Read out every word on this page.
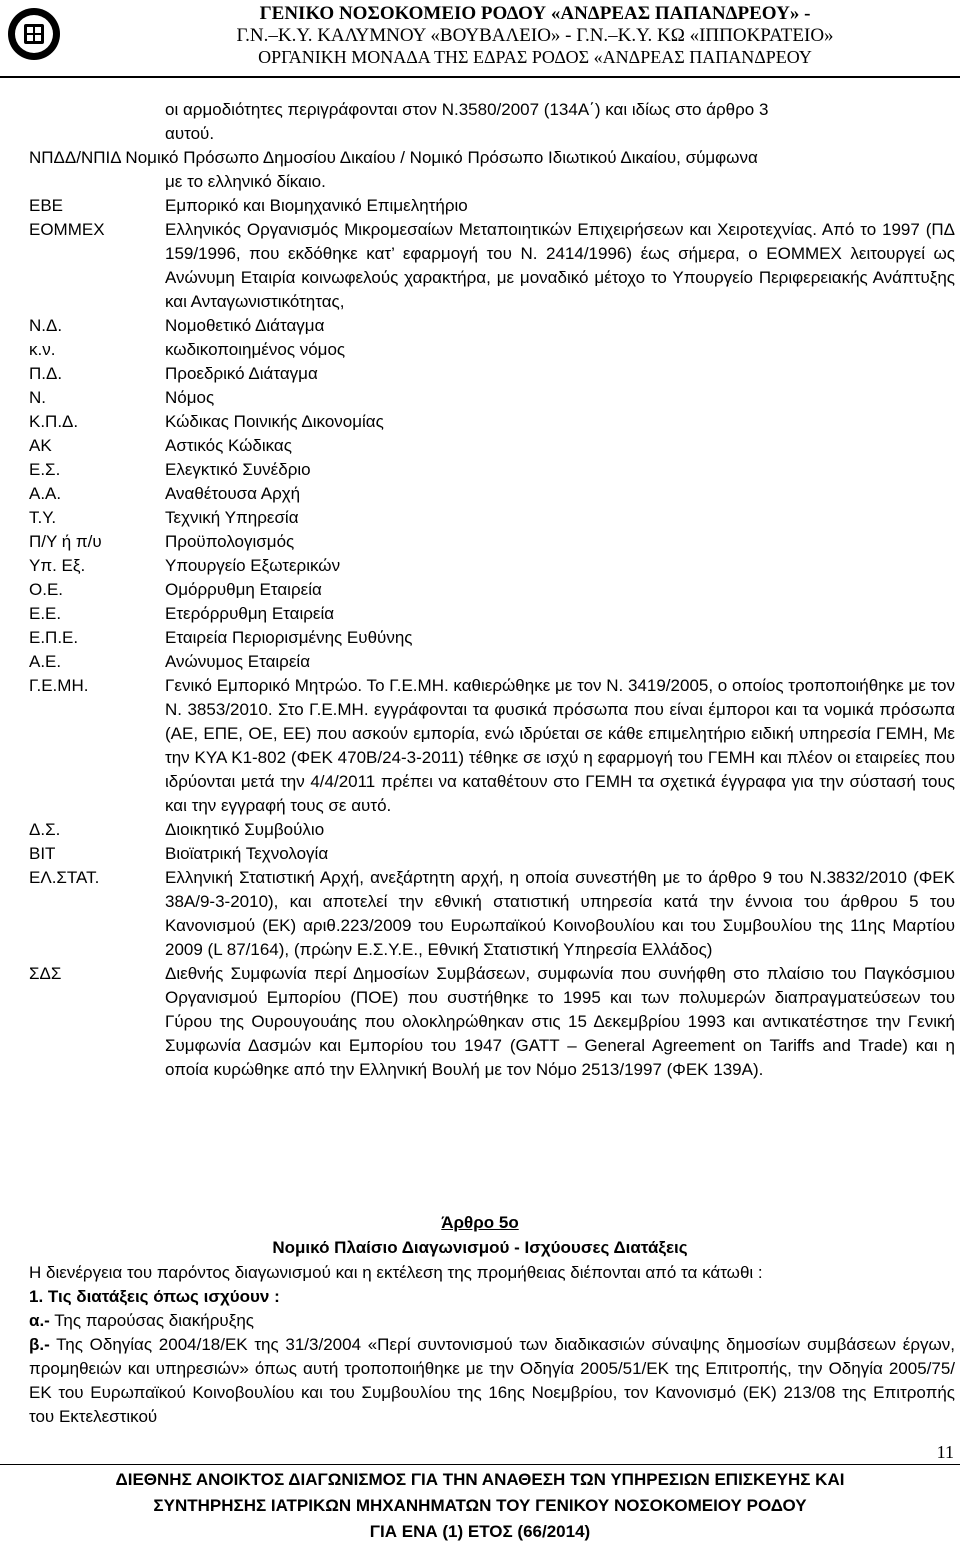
ΓΕΝΙΚΟ ΝΟΣΟΚΟΜΕΙΟ ΡΟΔΟΥ «ΑΝΔΡΕΑΣ ΠΑΠΑΝΔΡΕΟΥ» -
Γ.Ν.–Κ.Υ. ΚΑΛΥΜΝΟΥ «ΒΟΥΒΑΛΕΙΟ» - Γ.Ν.–Κ.Υ. ΚΩ «ΙΠΠΟΚΡΑΤΕΙΟ»
ΟΡΓΑΝΙΚΗ ΜΟΝΑΔΑ ΤΗΣ ΕΔΡΑΣ ΡΟΔΟΣ «ΑΝΔΡΕΑΣ ΠΑΠΑΝΔΡΕΟΥ
οι αρμοδιότητες περιγράφονται στον Ν.3580/2007 (134Α΄) και ιδίως στο άρθρο 3
αυτού.
ΝΠΔΔ/ΝΠΙΔ Νομικό Πρόσωπο Δημοσίου Δικαίου / Νομικό Πρόσωπο Ιδιωτικού Δικαίου, σύμφωνα
με το ελληνικό δίκαιο.
ΕΒΕ	Εμπορικό και Βιομηχανικό Επιμελητήριο
ΕΟΜΜΕΧ	Ελληνικός Οργανισμός Μικρομεσαίων Μεταποιητικών Επιχειρήσεων και Χειροτεχνίας. Από το 1997 (ΠΔ 159/1996, που εκδόθηκε κατ’ εφαρμογή του Ν. 2414/1996) έως σήμερα, ο ΕΟΜΜΕΧ λειτουργεί ως Ανώνυμη Εταιρία κοινωφελούς χαρακτήρα, με μοναδικό μέτοχο το Υπουργείο Περιφερειακής Ανάπτυξης και Ανταγωνιστικότητας,
Ν.Δ.	Νομοθετικό Διάταγμα
κ.ν.	κωδικοποιημένος νόμος
Π.Δ.	Προεδρικό Διάταγμα
Ν.	Νόμος
Κ.Π.Δ.	Κώδικας Ποινικής Δικονομίας
ΑΚ	Αστικός Κώδικας
Ε.Σ.	Ελεγκτικό Συνέδριο
Α.Α.	Αναθέτουσα Αρχή
Τ.Υ.	Τεχνική Υπηρεσία
Π/Υ ή π/υ	Προϋπολογισμός
Υπ. Εξ.	Υπουργείο Εξωτερικών
Ο.Ε.	Ομόρρυθμη Εταιρεία
Ε.Ε.	Ετερόρρυθμη Εταιρεία
Ε.Π.Ε.	Εταιρεία Περιορισμένης Ευθύνης
Α.Ε.	Ανώνυμος Εταιρεία
Γ.Ε.ΜΗ.	Γενικό Εμπορικό Μητρώο. Το Γ.Ε.ΜΗ. καθιερώθηκε με τον Ν. 3419/2005, ο οποίος τροποποιήθηκε με τον Ν. 3853/2010. Στο Γ.Ε.ΜΗ. εγγράφονται τα φυσικά πρόσωπα που είναι έμποροι και τα νομικά πρόσωπα (ΑΕ, ΕΠΕ, ΟΕ, ΕΕ) που ασκούν εμπορία, ενώ ιδρύεται σε κάθε επιμελητήριο ειδική υπηρεσία ΓΕΜΗ, Με την ΚΥΑ Κ1-802 (ΦΕΚ 470Β/24-3-2011) τέθηκε σε ισχύ η εφαρμογή του ΓΕΜΗ και πλέον οι εταιρείες που ιδρύονται μετά την 4/4/2011 πρέπει να καταθέτουν στο ΓΕΜΗ τα σχετικά έγγραφα για την σύστασή τους και την εγγραφή τους σε αυτό.
Δ.Σ.	Διοικητικό Συμβούλιο
ΒΙΤ	Βιοϊατρική Τεχνολογία
ΕΛ.ΣΤΑΤ.	Ελληνική Στατιστική Αρχή, ανεξάρτητη αρχή, η οποία συνεστήθη με το άρθρο 9 του Ν.3832/2010 (ΦΕΚ 38Α/9-3-2010), και αποτελεί την εθνική στατιστική υπηρεσία κατά την έννοια του άρθρου 5 του Κανονισμού (ΕΚ) αριθ.223/2009 του Ευρωπαϊκού Κοινοβουλίου και του Συμβουλίου της 11ης Μαρτίου 2009 (L 87/164), (πρώην Ε.Σ.Υ.Ε., Εθνική Στατιστική Υπηρεσία Ελλάδος)
ΣΔΣ	Διεθνής Συμφωνία περί Δημοσίων Συμβάσεων, συμφωνία που συνήφθη στο πλαίσιο του Παγκόσμιου Οργανισμού Εμπορίου (ΠΟΕ) που συστήθηκε το 1995 και των πολυμερών διαπραγματεύσεων του Γύρου της Ουρουγουάης που ολοκληρώθηκαν στις 15 Δεκεμβρίου 1993 και αντικατέστησε την Γενική Συμφωνία Δασμών και Εμπορίου του 1947 (GATT – General Agreement on Tariffs and Trade) και η οποία κυρώθηκε από την Ελληνική Βουλή με τον Νόμο 2513/1997 (ΦΕΚ 139Α).
Άρθρο 5ο
Νομικό Πλαίσιο Διαγωνισμού - Ισχύουσες Διατάξεις

Η διενέργεια του παρόντος διαγωνισμού και η εκτέλεση της προμήθειας διέπονται από τα κάτωθι :

1. Τις διατάξεις όπως ισχύουν :

α.- Της παρούσας διακήρυξης

β.- Της Οδηγίας 2004/18/ΕΚ της 31/3/2004 «Περί συντονισμού των διαδικασιών σύναψης δημοσίων συμβάσεων έργων, προμηθειών και υπηρεσιών» όπως αυτή τροποποιήθηκε με την Οδηγία 2005/51/ΕΚ της Επιτροπής, την Οδηγία 2005/75/ΕΚ του Ευρωπαϊκού Κοινοβουλίου και του Συμβουλίου της 16ης Νοεμβρίου, τον Κανονισμό (ΕΚ) 213/08 της Επιτροπής του Εκτελεστικού

11
ΔΙΕΘΝΗΣ ΑΝΟΙΚΤΟΣ ΔΙΑΓΩΝΙΣΜΟΣ ΓΙΑ ΤΗΝ ΑΝΑΘΕΣΗ ΤΩΝ ΥΠΗΡΕΣΙΩΝ ΕΠΙΣΚΕΥΗΣ ΚΑΙ
ΣΥΝΤΗΡΗΣΗΣ ΙΑΤΡΙΚΩΝ ΜΗΧΑΝΗΜΑΤΩΝ ΤΟΥ ΓΕΝΙΚΟΥ ΝΟΣΟΚΟΜΕΙΟΥ ΡΟΔΟΥ
ΓΙΑ ΕΝΑ (1) ΕΤΟΣ (66/2014)
